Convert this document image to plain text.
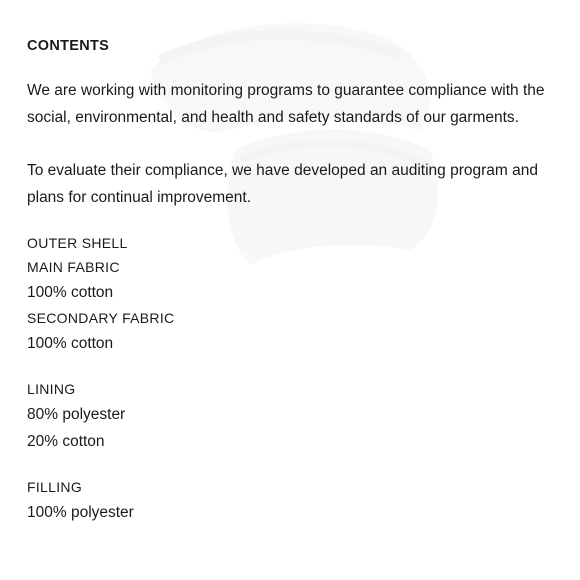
CONTENTS

We are working with monitoring programs to guarantee compliance with the social, environmental, and health and safety standards of our garments.

To evaluate their compliance, we have developed an auditing program and plans for continual improvement.

OUTER SHELL

MAIN FABRIC

100% cotton

SECONDARY FABRIC

100% cotton

LINING

80% polyester

20% cotton

FILLING

100% polyester
